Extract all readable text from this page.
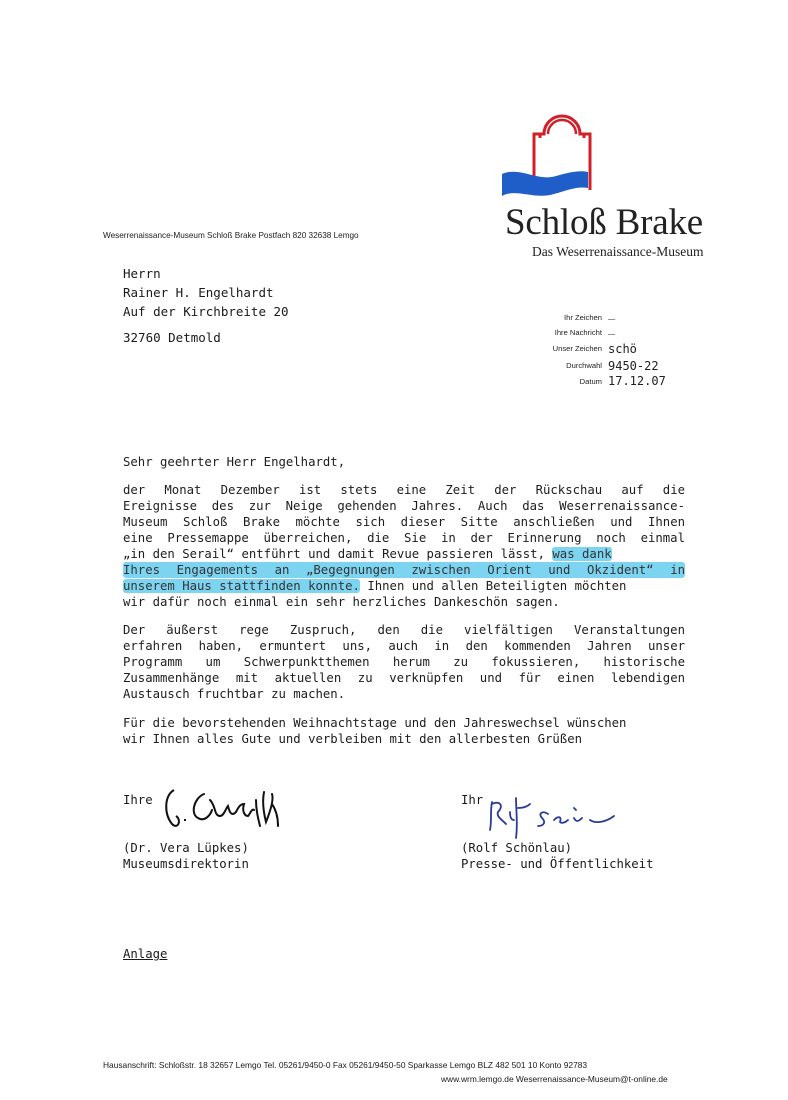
Schloß Brake
Das Weserrenaissance-Museum
Weserrenaissance-Museum Schloß Brake Postfach 820 32638 Lemgo
Herrn
Rainer H. Engelhardt
Auf der Kirchbreite 20
32760 Detmold
Ihr Zeichen _
Ihre Nachricht _
Unser Zeichen schö
Durchwahl 9450-22
Datum 17.12.07
Sehr geehrter Herr Engelhardt,
der Monat Dezember ist stets eine Zeit der Rückschau auf die
Ereignisse des zur Neige gehenden Jahres. Auch das Weserrenaissance-
Museum Schloß Brake möchte sich dieser Sitte anschließen und Ihnen
eine Pressemappe überreichen, die Sie in der Erinnerung noch einmal
„in den Serail“ entführt und damit Revue passieren lässt, was dank
Ihres Engagements an „Begegnungen zwischen Orient und Okzident“ in
unserem Haus stattfinden konnte. Ihnen und allen Beteiligten möchten
wir dafür noch einmal ein sehr herzliches Dankeschön sagen.
Der äußerst rege Zuspruch, den die vielfältigen Veranstaltungen
erfahren haben, ermuntert uns, auch in den kommenden Jahren unser
Programm um Schwerpunktthemen herum zu fokussieren, historische
Zusammenhänge mit aktuellen zu verknüpfen und für einen lebendigen
Austausch fruchtbar zu machen.
Für die bevorstehenden Weihnachtstage und den Jahreswechsel wünschen
wir Ihnen alles Gute und verbleiben mit den allerbesten Grüßen
Ihre
(Dr. Vera Lüpkes)
Museumsdirektorin
Ihr
(Rolf Schönlau)
Presse- und Öffentlichkeit
Anlage
Hausanschrift: Schloßstr. 18 32657 Lemgo Tel. 05261/9450-0 Fax 05261/9450-50 Sparkasse Lemgo BLZ 482 501 10 Konto 92783
www.wrm.lemgo.de Weserrenaissance-Museum@t-online.de
